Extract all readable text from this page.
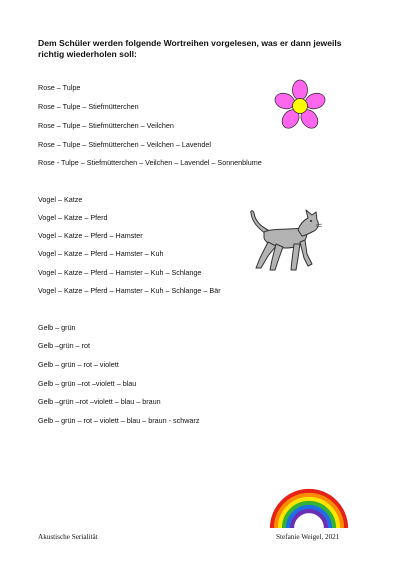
Dem Schüler werden folgende Wortreihen vorgelesen, was er dann jeweils richtig wiederholen soll:
Rose – Tulpe
Rose – Tulpe – Stiefmütterchen
Rose – Tulpe – Stiefmütterchen – Veilchen
Rose – Tulpe – Stiefmütterchen – Veilchen – Lavendel
Rose - Tulpe – Stiefmütterchen – Veilchen – Lavendel – Sonnenblume
Vogel – Katze
Vogel – Katze – Pferd
Vogel – Katze – Pferd – Hamster
Vogel – Katze – Pferd – Hamster – Kuh
Vogel – Katze – Pferd – Hamster – Kuh – Schlange
Vogel – Katze – Pferd – Hamster – Kuh – Schlange – Bär
Gelb – grün
Gelb –grün – rot
Gelb – grün – rot – violett
Gelb – grün –rot –violett – blau
Gelb –grün –rot –violett – blau – braun
Gelb – grün – rot – violett – blau – braun - schwarz
Akustische Serialität	Stefanie Weigel, 2021
